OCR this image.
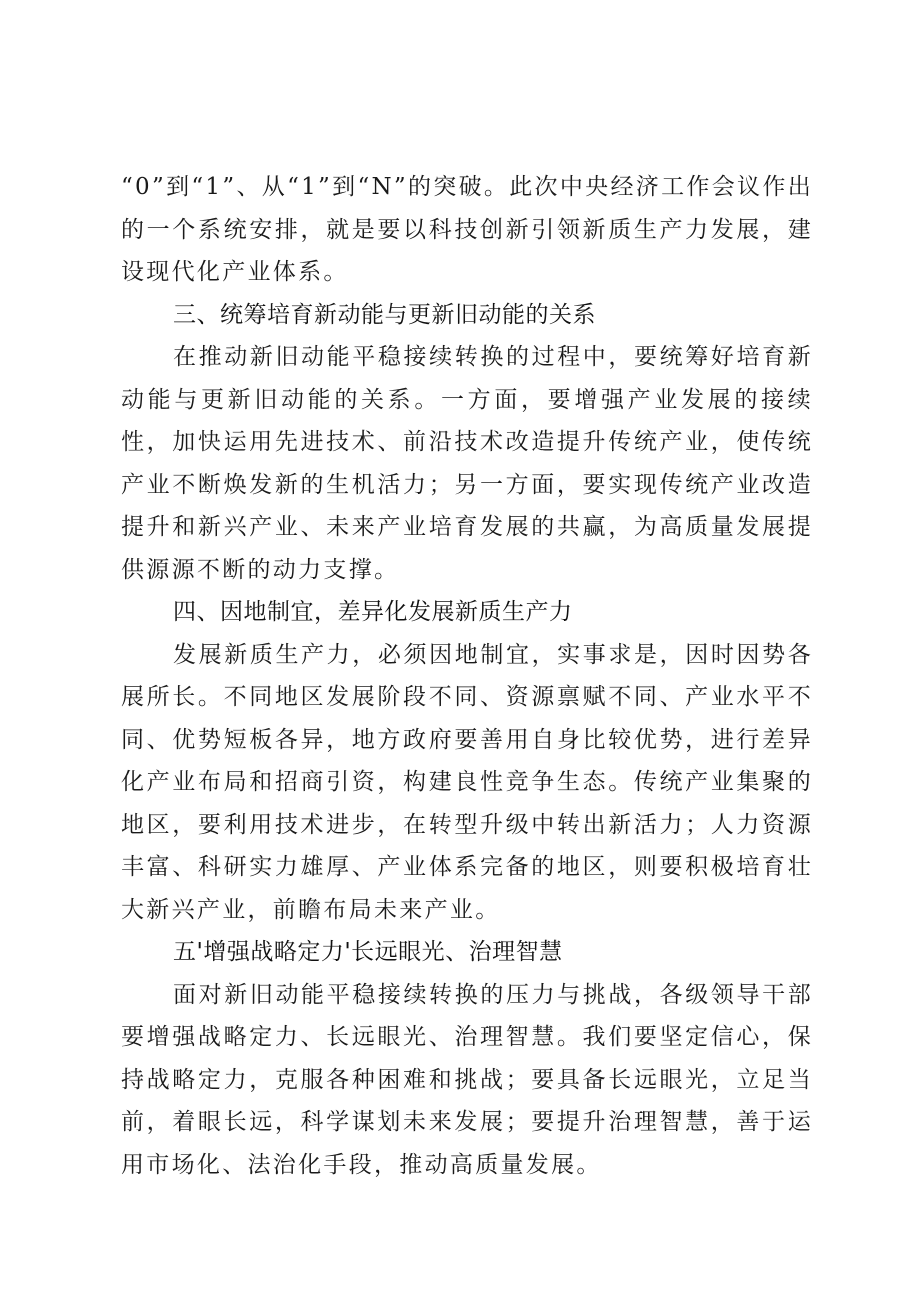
“0”到“1”、从“1”到“N”的突破。此次中央经济工作会议作出的一个系统安排，就是要以科技创新引领新质生产力发展，建设现代化产业体系。

三、统筹培育新动能与更新旧动能的关系

在推动新旧动能平稳接续转换的过程中，要统筹好培育新动能与更新旧动能的关系。一方面，要增强产业发展的接续性，加快运用先进技术、前沿技术改造提升传统产业，使传统产业不断焕发新的生机活力；另一方面，要实现传统产业改造提升和新兴产业、未来产业培育发展的共赢，为高质量发展提供源源不断的动力支撑。

四、因地制宜，差异化发展新质生产力

发展新质生产力，必须因地制宜，实事求是，因时因势各展所长。不同地区发展阶段不同、资源禀赋不同、产业水平不同、优势短板各异，地方政府要善用自身比较优势，进行差异化产业布局和招商引资，构建良性竞争生态。传统产业集聚的地区，要利用技术进步，在转型升级中转出新活力；人力资源丰富、科研实力雄厚、产业体系完备的地区，则要积极培育壮大新兴产业，前瞻布局未来产业。

五'增强战略定力'长远眼光、治理智慧

面对新旧动能平稳接续转换的压力与挑战，各级领导干部要增强战略定力、长远眼光、治理智慧。我们要坚定信心，保持战略定力，克服各种困难和挑战；要具备长远眼光，立足当前，着眼长远，科学谋划未来发展；要提升治理智慧，善于运用市场化、法治化手段，推动高质量发展。
